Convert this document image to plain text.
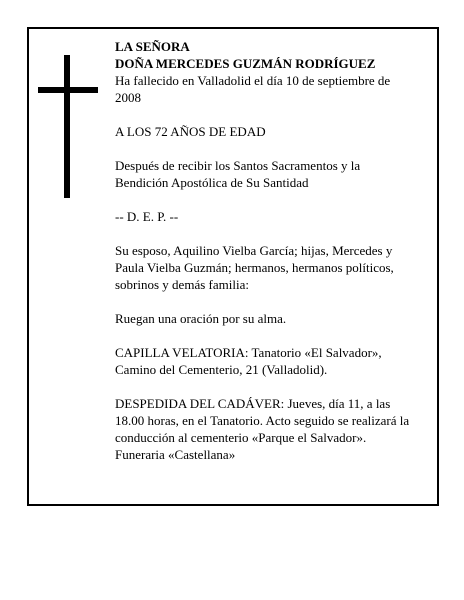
LA SEÑORA
DOÑA MERCEDES GUZMÁN RODRÍGUEZ
Ha fallecido en Valladolid el día 10 de septiembre de 2008

A LOS 72 AÑOS DE EDAD

Después de recibir los Santos Sacramentos y la Bendición Apostólica de Su Santidad

-- D. E. P. --

Su esposo, Aquilino Vielba García; hijas, Mercedes y Paula Vielba Guzmán; hermanos, hermanos políticos, sobrinos y demás familia:

Ruegan una oración por su alma.

CAPILLA VELATORIA: Tanatorio «El Salvador», Camino del Cementerio, 21 (Valladolid).

DESPEDIDA DEL CADÁVER: Jueves, día 11, a las 18.00 horas, en el Tanatorio. Acto seguido se realizará la conducción al cementerio «Parque el Salvador». Funeraria «Castellana»
